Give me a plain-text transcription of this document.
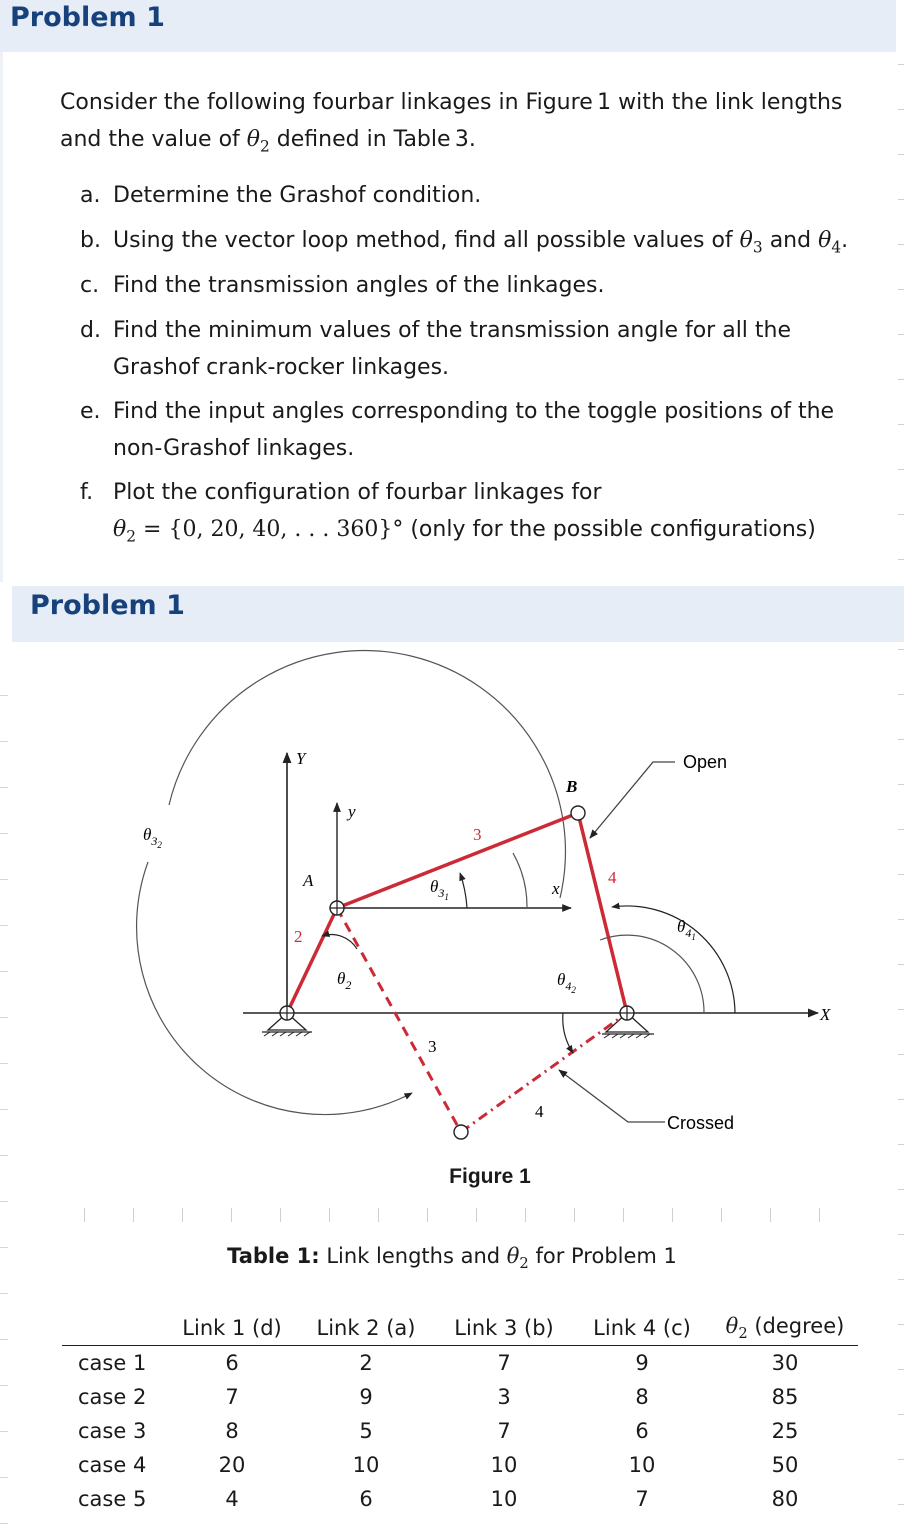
Problem 1
Consider the following fourbar linkages in Figure 1 with the link lengths
and the value of $\theta_2$ defined in Table 3.
a. Determine the Grashof condition.
b. Using the vector loop method, find all possible values of $\theta_3$ and $\theta_4$.
c. Find the transmission angles of the linkages.
d. Find the minimum values of the transmission angle for all the
Grashof crank-rocker linkages.
e. Find the input angles corresponding to the toggle positions of the
non-Grashof linkages.
f. Plot the configuration of fourbar linkages for
$\theta_2 = \{0$, 20, 40, . . . 360}° (only for the possible configurations)
Problem 1
Y
y
x
X
A
B
2
3
4
3
4
Open
Crossed
$\theta_2$
$\theta_31$
$\theta_32$
$\theta_41$
$\theta_42$
Figure 1
Table 1: Link lengths and $\theta_2$ for Problem 1
	Link 1 (d)	Link 2 (a)	Link 3 (b)	Link 4 (c)	$\theta_2$ (degree)
case 1	6	2	7	9	30
case 2	7	9	3	8	85
case 3	8	5	7	6	25
case 4	20	10	10	10	50
case 5	4	6	10	7	80
